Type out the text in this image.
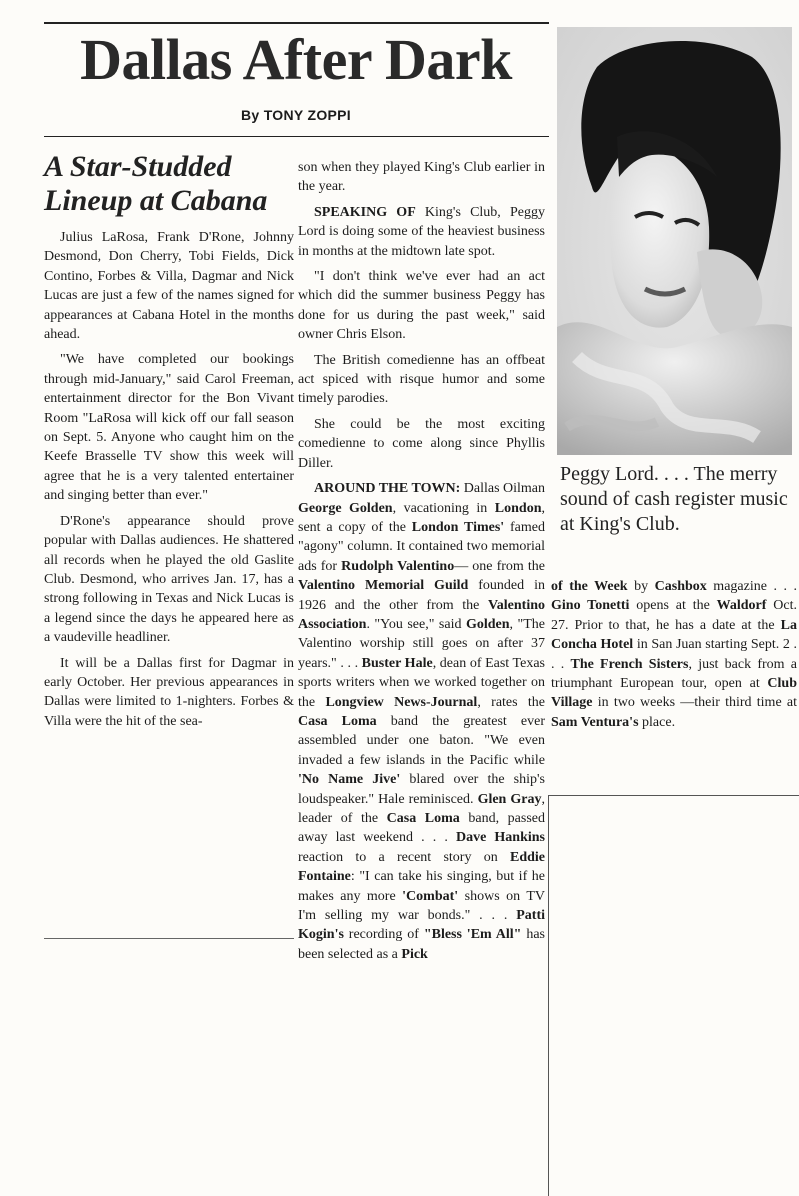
Dallas After Dark
By TONY ZOPPI
A Star-Studded
Lineup at Cabana

Julius LaRosa, Frank D'Rone, Johnny Desmond, Don Cherry, Tobi Fields, Dick Contino, Forbes & Villa, Dagmar and Nick Lucas are just a few of the names signed for appearances at Cabana Hotel in the months ahead.

"We have completed our bookings through mid-January," said Carol Freeman, entertainment director for the Bon Vivant Room "LaRosa will kick off our fall season on Sept. 5. Anyone who caught him on the Keefe Brasselle TV show this week will agree that he is a very talented entertainer and singing better than ever."

D'Rone's appearance should prove popular with Dallas audiences. He shattered all records when he played the old Gaslite Club. Desmond, who arrives Jan. 17, has a strong following in Texas and Nick Lucas is a legend since the days he appeared here as a vaudeville headliner.

It will be a Dallas first for Dagmar in early October. Her previous appearances in Dallas were limited to 1-nighters. Forbes & Villa were the hit of the sea-

son when they played King's Club earlier in the year.

SPEAKING OF King's Club, Peggy Lord is doing some of the heaviest business in months at the midtown late spot.

"I don't think we've ever had an act which did the summer business Peggy has done for us during the past week," said owner Chris Elson.

The British comedienne has an offbeat act spiced with risque humor and some timely parodies.

She could be the most exciting comedienne to come along since Phyllis Diller.

AROUND THE TOWN: Dallas Oilman George Golden, vacationing in London, sent a copy of the London Times' famed "agony" column. It contained two memorial ads for Rudolph Valentino— one from the Valentino Memorial Guild founded in 1926 and the other from the Valentino Association. "You see," said Golden, "The Valentino worship still goes on after 37 years." . . . Buster Hale, dean of East Texas sports writers when we worked together on the Longview News-Journal, rates the Casa Loma band the greatest ever assembled under one baton. "We even invaded a few islands in the Pacific while 'No Name Jive' blared over the ship's loudspeaker." Hale reminisced. Glen Gray, leader of the Casa Loma band, passed away last weekend . . . Dave Hankins reaction to a recent story on Eddie Fontaine: "I can take his singing, but if he makes any more 'Combat' shows on TV I'm selling my war bonds." . . . Patti Kogin's recording of "Bless 'Em All" has been selected as a Pick

Peggy Lord. . . . The merry sound of cash register music at King's Club.

of the Week by Cashbox magazine . . . Gino Tonetti opens at the Waldorf Oct. 27. Prior to that, he has a date at the La Concha Hotel in San Juan starting Sept. 2 . . . The French Sisters, just back from a triumphant European tour, open at Club Village in two weeks —their third time at Sam Ventura's place.
